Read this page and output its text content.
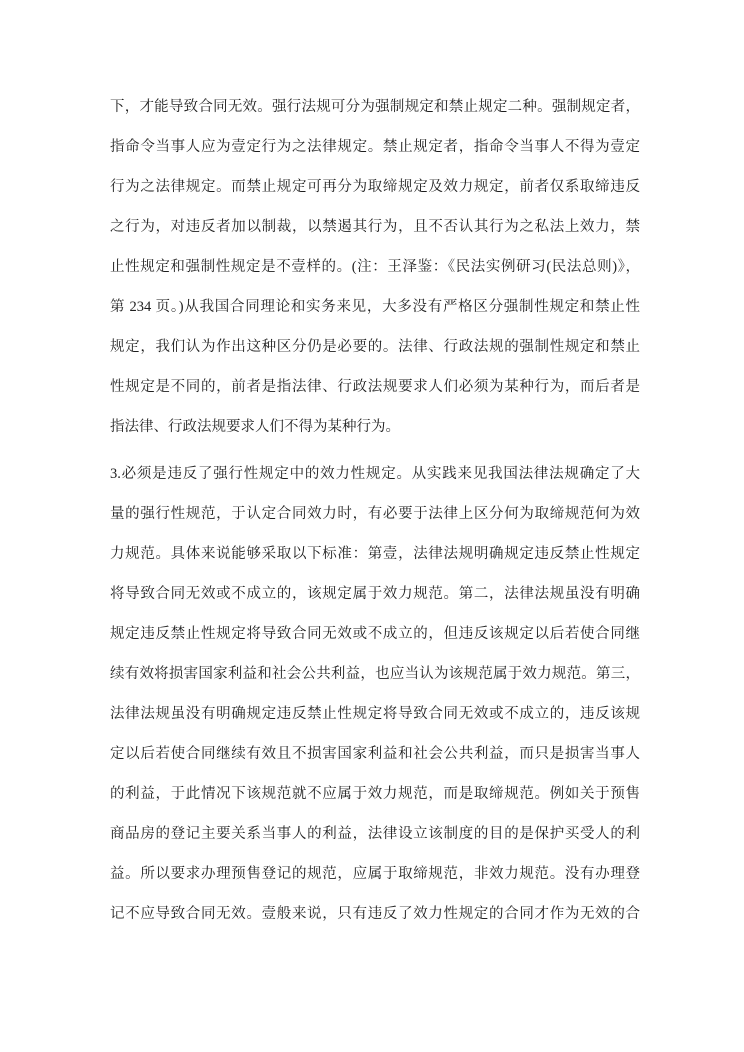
下，才能导致合同无效。强行法规可分为强制规定和禁止规定二种。强制规定者，
指命令当事人应为壹定行为之法律规定。禁止规定者，指命令当事人不得为壹定
行为之法律规定。而禁止规定可再分为取缔规定及效力规定，前者仅系取缔违反
之行为，对违反者加以制裁，以禁遏其行为，且不否认其行为之私法上效力，禁
止性规定和强制性规定是不壹样的。(注：王泽鉴：《民法实例研习(民法总则)》，
第 234 页。)从我国合同理论和实务来见，大多没有严格区分强制性规定和禁止性
规定，我们认为作出这种区分仍是必要的。法律、行政法规的强制性规定和禁止
性规定是不同的，前者是指法律、行政法规要求人们必须为某种行为，而后者是
指法律、行政法规要求人们不得为某种行为。
3.必须是违反了强行性规定中的效力性规定。从实践来见我国法律法规确定了大
量的强行性规范，于认定合同效力时，有必要于法律上区分何为取缔规范何为效
力规范。具体来说能够采取以下标准：第壹，法律法规明确规定违反禁止性规定
将导致合同无效或不成立的，该规定属于效力规范。第二，法律法规虽没有明确
规定违反禁止性规定将导致合同无效或不成立的，但违反该规定以后若使合同继
续有效将损害国家利益和社会公共利益，也应当认为该规范属于效力规范。第三，
法律法规虽没有明确规定违反禁止性规定将导致合同无效或不成立的，违反该规
定以后若使合同继续有效且不损害国家利益和社会公共利益，而只是损害当事人
的利益，于此情况下该规范就不应属于效力规范，而是取缔规范。例如关于预售
商品房的登记主要关系当事人的利益，法律设立该制度的目的是保护买受人的利
益。所以要求办理预售登记的规范，应属于取缔规范，非效力规范。没有办理登
记不应导致合同无效。壹般来说，只有违反了效力性规定的合同才作为无效的合
